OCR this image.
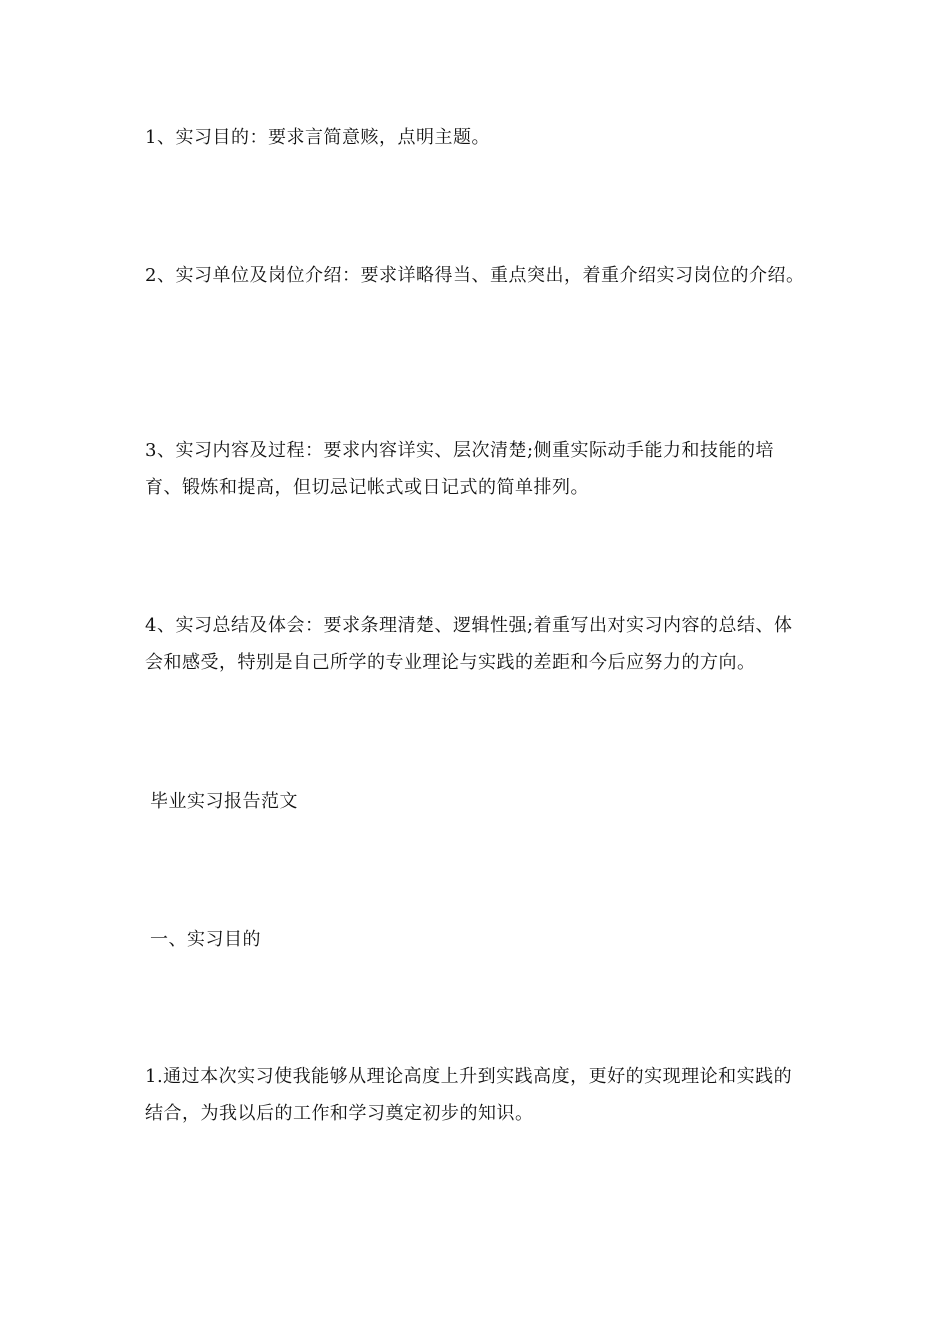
1、实习目的：要求言简意赅，点明主题。
2、实习单位及岗位介绍：要求详略得当、重点突出，着重介绍实习岗位的介绍。
3、实习内容及过程：要求内容详实、层次清楚;侧重实际动手能力和技能的培育、锻炼和提高，但切忌记帐式或日记式的简单排列。
4、实习总结及体会：要求条理清楚、逻辑性强;着重写出对实习内容的总结、体会和感受，特别是自己所学的专业理论与实践的差距和今后应努力的方向。
毕业实习报告范文
一、实习目的
1.通过本次实习使我能够从理论高度上升到实践高度，更好的实现理论和实践的结合，为我以后的工作和学习奠定初步的知识。
